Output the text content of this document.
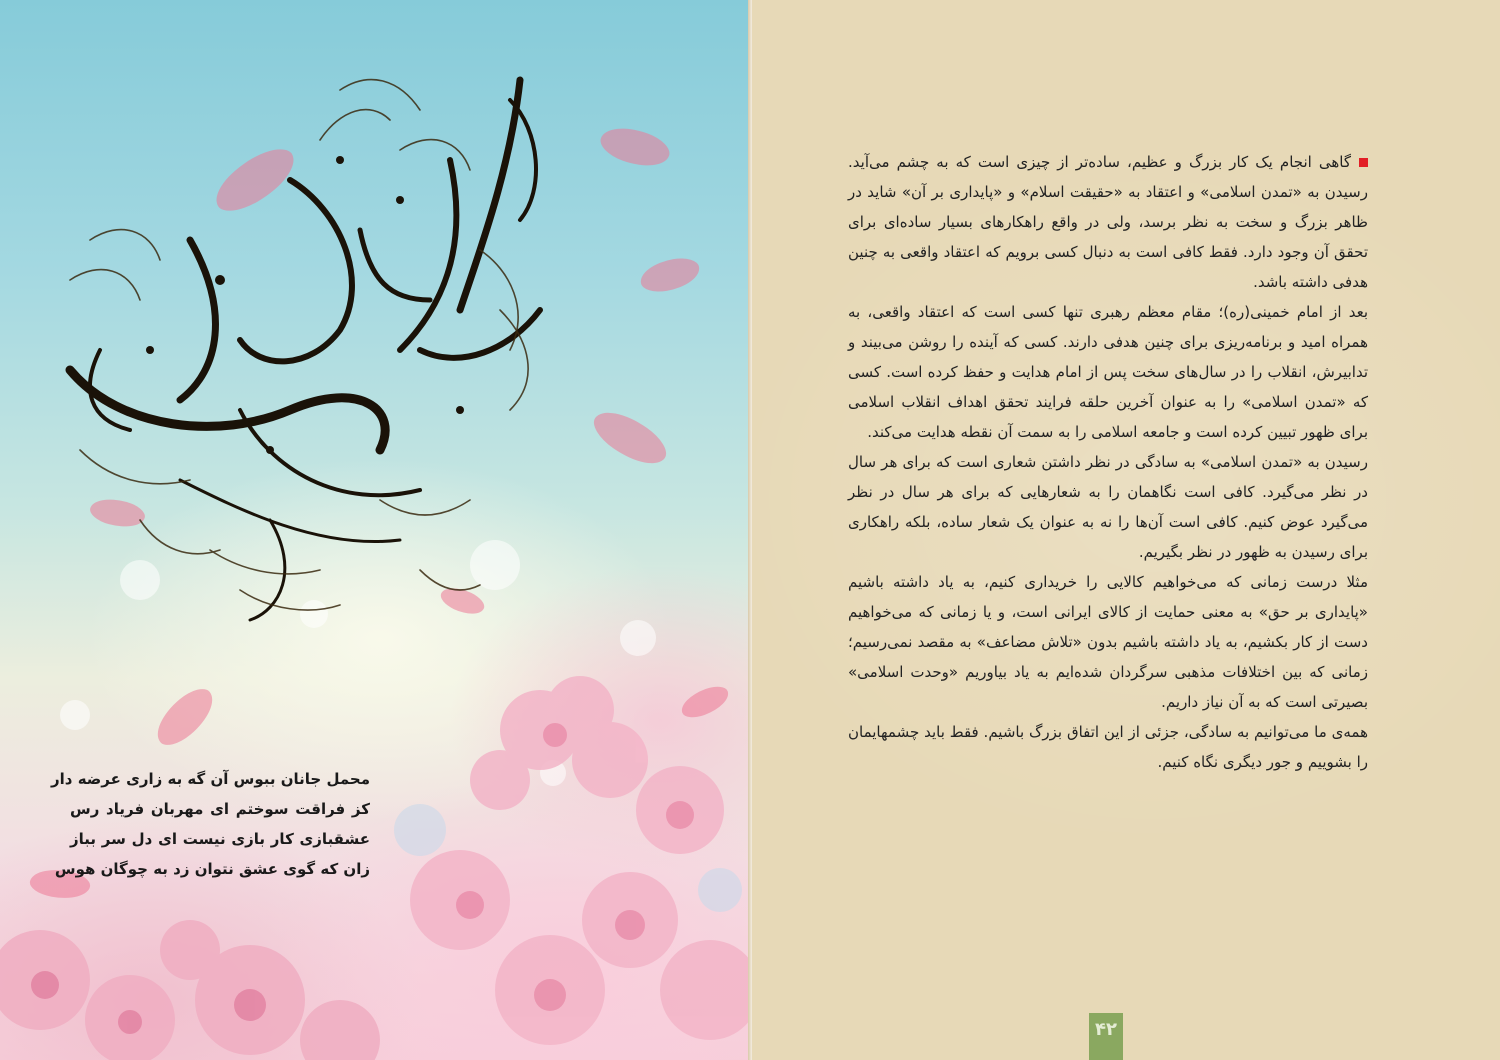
محمل جانان ببوس آن گه به زاری عرضه دار
کز فراقت سوختم ای مهربان فریاد رس
عشقبازی کار بازی نیست ای دل سر بباز
زان که گوی عشق نتوان زد به چوگان هوس

گاهی انجام یک کار بزرگ و عظیم، ساده‌تر از چیزی است که به چشم می‌آید. رسیدن به «تمدن اسلامی» و اعتقاد به «حقیقت اسلام» و «پایداری بر آن» شاید در ظاهر بزرگ و سخت به نظر برسد، ولی در واقع راهکارهای بسیار ساده‌ای برای تحقق آن وجود دارد. فقط کافی است به دنبال کسی برویم که اعتقاد واقعی به چنین هدفی داشته باشد.

بعد از امام خمینی(ره)؛ مقام معظم رهبری تنها کسی است که اعتقاد واقعی، به همراه امید و برنامه‌ریزی برای چنین هدفی دارند. کسی که آینده را روشن می‌بیند و تدابیرش، انقلاب را در سال‌های سخت پس از امام هدایت و حفظ کرده است. کسی که «تمدن اسلامی» را به عنوان آخرین حلقه فرایند تحقق اهداف انقلاب اسلامی برای ظهور تبیین کرده است و جامعه اسلامی را به سمت آن نقطه هدایت می‌کند.

رسیدن به «تمدن اسلامی» به سادگی در نظر داشتن شعاری است که برای هر سال در نظر می‌گیرد. کافی است نگاهمان را به شعارهایی که برای هر سال در نظر می‌گیرد عوض کنیم. کافی است آن‌ها را نه به عنوان یک شعار ساده، بلکه راهکاری برای رسیدن به ظهور در نظر بگیریم.

مثلا درست زمانی که می‌خواهیم کالایی را خریداری کنیم، به یاد داشته باشیم «پایداری بر حق» به معنی حمایت از کالای ایرانی است، و یا زمانی که می‌خواهیم دست از کار بکشیم، به یاد داشته باشیم بدون «تلاش مضاعف» به مقصد نمی‌رسیم؛ زمانی که بین اختلافات مذهبی سرگردان شده‌ایم به یاد بیاوریم «وحدت اسلامی» بصیرتی است که به آن نیاز داریم.

همه‌ی ما می‌توانیم به سادگی، جزئی از این اتفاق بزرگ باشیم. فقط باید چشمهایمان را بشوییم و جور دیگری نگاه کنیم.

۴۲
